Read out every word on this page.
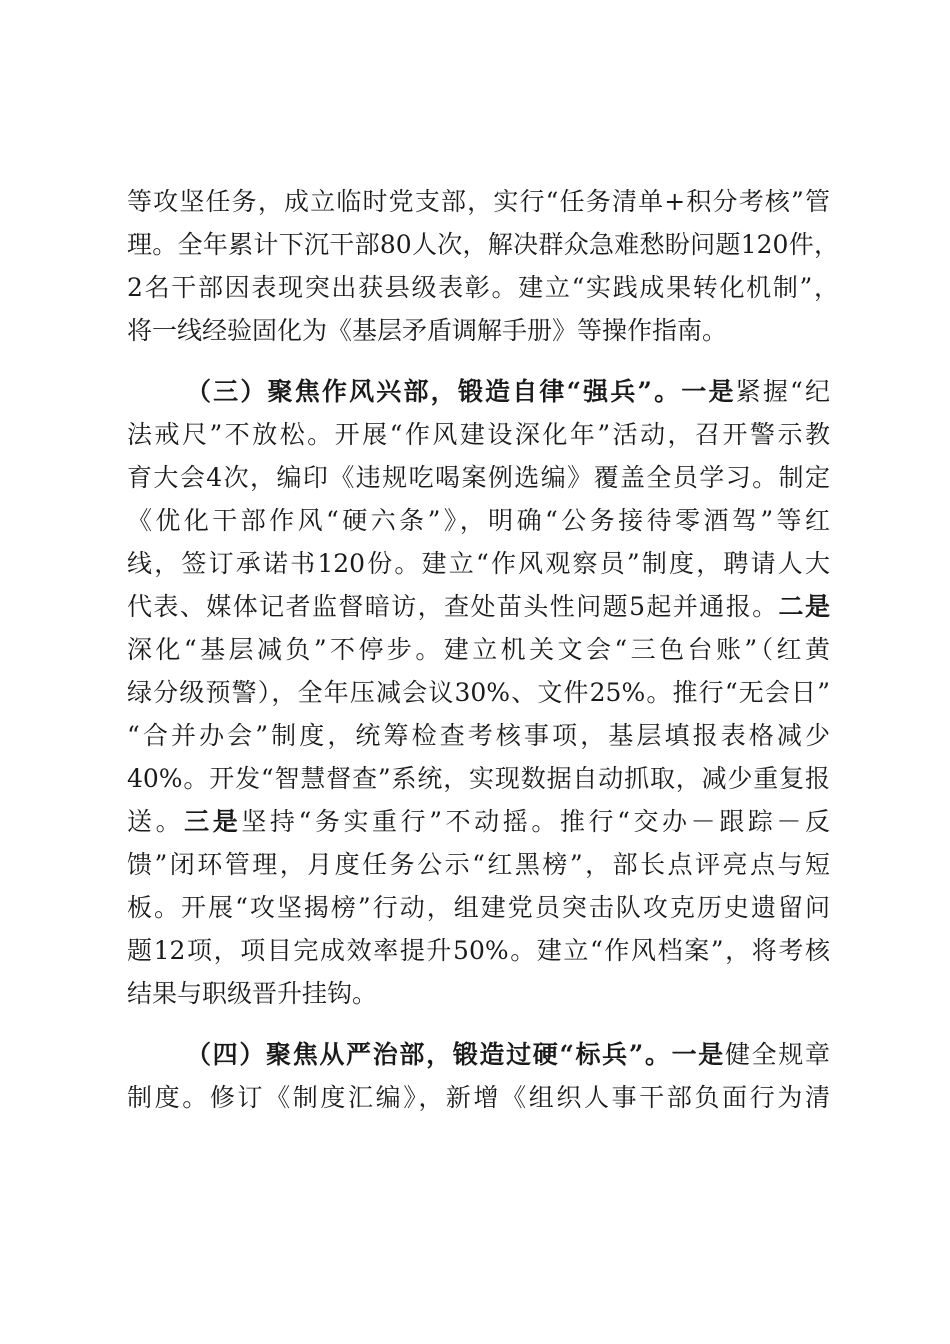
等攻坚任务，成立临时党支部，实行“任务清单+积分考核”管
理。全年累计下沉干部80人次，解决群众急难愁盼问题120件，
2名干部因表现突出获县级表彰。建立“实践成果转化机制”，
将一线经验固化为《基层矛盾调解手册》等操作指南。
（三）聚焦作风兴部，锻造自律“强兵”。一是紧握“纪
法戒尺”不放松。开展“作风建设深化年”活动，召开警示教
育大会4次，编印《违规吃喝案例选编》覆盖全员学习。制定
《优化干部作风“硬六条”》，明确“公务接待零酒驾”等红
线，签订承诺书120份。建立“作风观察员”制度，聘请人大
代表、媒体记者监督暗访，查处苗头性问题5起并通报。二是
深化“基层减负”不停步。建立机关文会“三色台账”（红黄
绿分级预警），全年压减会议30%、文件25%。推行“无会日”
“合并办会”制度，统筹检查考核事项，基层填报表格减少
40%。开发“智慧督查”系统，实现数据自动抓取，减少重复报
送。三是坚持“务实重行”不动摇。推行“交办－跟踪－反
馈”闭环管理，月度任务公示“红黑榜”，部长点评亮点与短
板。开展“攻坚揭榜”行动，组建党员突击队攻克历史遗留问
题12项，项目完成效率提升50%。建立“作风档案”，将考核
结果与职级晋升挂钩。
（四）聚焦从严治部，锻造过硬“标兵”。一是健全规章
制度。修订《制度汇编》，新增《组织人事干部负面行为清
